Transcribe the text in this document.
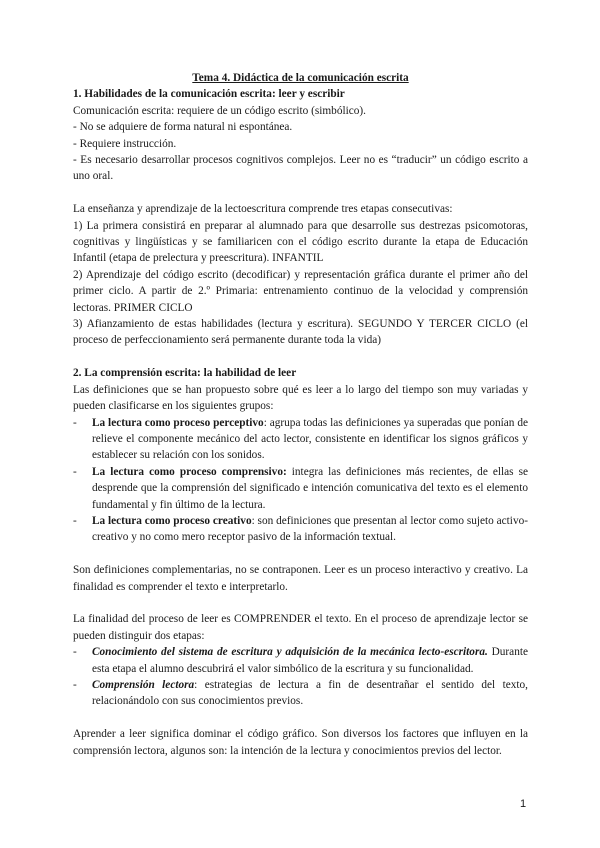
Tema 4. Didáctica de la comunicación escrita

1. Habilidades de la comunicación escrita: leer y escribir

Comunicación escrita: requiere de un código escrito (simbólico).

- No se adquiere de forma natural ni espontánea.

- Requiere instrucción.

- Es necesario desarrollar procesos cognitivos complejos. Leer no es “traducir” un código escrito a uno oral.

La enseñanza y aprendizaje de la lectoescritura comprende tres etapas consecutivas:

1) La primera consistirá en preparar al alumnado para que desarrolle sus destrezas psicomotoras, cognitivas y lingüísticas y se familiaricen con el código escrito durante la etapa de Educación Infantil (etapa de prelectura y preescritura). INFANTIL

2) Aprendizaje del código escrito (decodificar) y representación gráfica durante el primer año del primer ciclo. A partir de 2.º Primaria: entrenamiento continuo de la velocidad y comprensión lectoras. PRIMER CICLO

3) Afianzamiento de estas habilidades (lectura y escritura). SEGUNDO Y TERCER CICLO (el proceso de perfeccionamiento será permanente durante toda la vida)

2. La comprensión escrita: la habilidad de leer

Las definiciones que se han propuesto sobre qué es leer a lo largo del tiempo son muy variadas y pueden clasificarse en los siguientes grupos:

-	La lectura como proceso perceptivo: agrupa todas las definiciones ya superadas que ponían de relieve el componente mecánico del acto lector, consistente en identificar los signos gráficos y establecer su relación con los sonidos.
-	La lectura como proceso comprensivo: integra las definiciones más recientes, de ellas se desprende que la comprensión del significado e intención comunicativa del texto es el elemento fundamental y fin último de la lectura.
-	La lectura como proceso creativo: son definiciones que presentan al lector como sujeto activo-creativo y no como mero receptor pasivo de la información textual.

Son definiciones complementarias, no se contraponen. Leer es un proceso interactivo y creativo. La finalidad es comprender el texto e interpretarlo.

La finalidad del proceso de leer es COMPRENDER el texto. En el proceso de aprendizaje lector se pueden distinguir dos etapas:

-	Conocimiento del sistema de escritura y adquisición de la mecánica lecto-escritora. Durante esta etapa el alumno descubrirá el valor simbólico de la escritura y su funcionalidad.
-	Comprensión lectora: estrategias de lectura a fin de desentrañar el sentido del texto, relacionándolo con sus conocimientos previos.

Aprender a leer significa dominar el código gráfico. Son diversos los factores que influyen en la comprensión lectora, algunos son: la intención de la lectura y conocimientos previos del lector.

1
